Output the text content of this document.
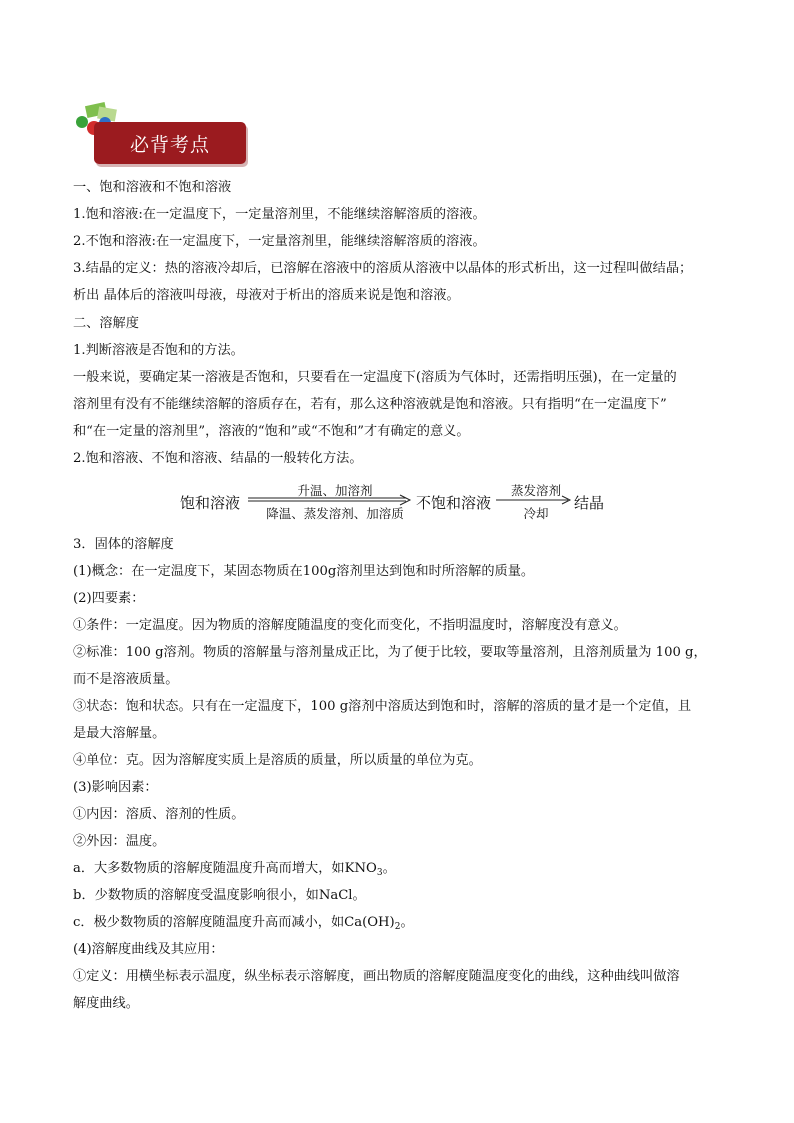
必背考点
一、饱和溶液和不饱和溶液
1.饱和溶液:在一定温度下，一定量溶剂里，不能继续溶解溶质的溶液。
2.不饱和溶液:在一定温度下，一定量溶剂里，能继续溶解溶质的溶液。
3.结晶的定义：热的溶液冷却后，已溶解在溶液中的溶质从溶液中以晶体的形式析出，这一过程叫做结晶；
析出 晶体后的溶液叫母液，母液对于析出的溶质来说是饱和溶液。
二、溶解度
1.判断溶液是否饱和的方法。
一般来说，要确定某一溶液是否饱和，只要看在一定温度下(溶质为气体时，还需指明压强)，在一定量的
溶剂里有没有不能继续溶解的溶质存在，若有，那么这种溶液就是饱和溶液。只有指明“在一定温度下”
和“在一定量的溶剂里”，溶液的“饱和”或“不饱和”才有确定的意义。
2.饱和溶液、不饱和溶液、结晶的一般转化方法。
饱和溶液
升温、加溶剂
降温、蒸发溶剂、加溶质
不饱和溶液
蒸发溶剂
冷却
结晶
3．固体的溶解度
(1)概念：在一定温度下，某固态物质在100g溶剂里达到饱和时所溶解的质量。
(2)四要素：
①条件：一定温度。因为物质的溶解度随温度的变化而变化，不指明温度时，溶解度没有意义。
②标准：100 g溶剂。物质的溶解量与溶剂量成正比，为了便于比较，要取等量溶剂，且溶剂质量为 100 g，
而不是溶液质量。
③状态：饱和状态。只有在一定温度下，100 g溶剂中溶质达到饱和时，溶解的溶质的量才是一个定值，且
是最大溶解量。
④单位：克。因为溶解度实质上是溶质的质量，所以质量的单位为克。
(3)影响因素：
①内因：溶质、溶剂的性质。
②外因：温度。
a．大多数物质的溶解度随温度升高而增大，如$KNO_3$。
b．少数物质的溶解度受温度影响很小，如NaCl。
c．极少数物质的溶解度随温度升高而减小，如$Ca(OH)_2$。
(4)溶解度曲线及其应用：
①定义：用横坐标表示温度，纵坐标表示溶解度，画出物质的溶解度随温度变化的曲线，这种曲线叫做溶
解度曲线。
